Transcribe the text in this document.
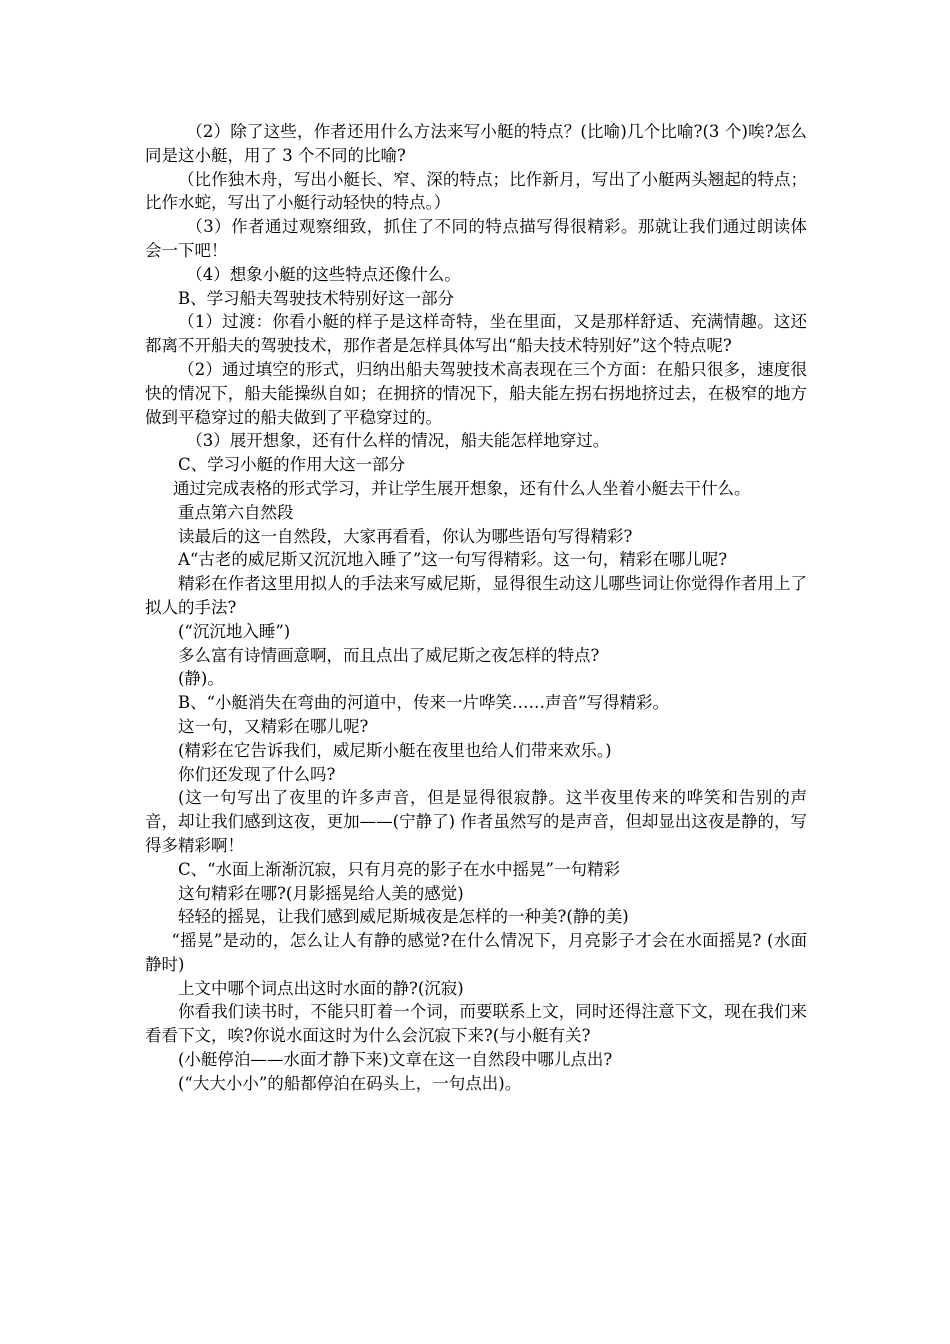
（2）除了这些，作者还用什么方法来写小艇的特点？(比喻)几个比喻?(3 个)唉?怎么同是这小艇，用了 3 个不同的比喻?

（比作独木舟，写出小艇长、窄、深的特点；比作新月，写出了小艇两头翘起的特点；比作水蛇，写出了小艇行动轻快的特点。）

（3）作者通过观察细致，抓住了不同的特点描写得很精彩。那就让我们通过朗读体会一下吧！

（4）想象小艇的这些特点还像什么。

B、学习船夫驾驶技术特别好这一部分

（1）过渡：你看小艇的样子是这样奇特，坐在里面，又是那样舒适、充满情趣。这还都离不开船夫的驾驶技术，那作者是怎样具体写出“船夫技术特别好”这个特点呢?

（2）通过填空的形式，归纳出船夫驾驶技术高表现在三个方面：在船只很多，速度很快的情况下，船夫能操纵自如；在拥挤的情况下，船夫能左拐右拐地挤过去，在极窄的地方做到平稳穿过的船夫做到了平稳穿过的。

（3）展开想象，还有什么样的情况，船夫能怎样地穿过。

C、学习小艇的作用大这一部分

通过完成表格的形式学习，并让学生展开想象，还有什么人坐着小艇去干什么。

重点第六自然段

读最后的这一自然段，大家再看看，你认为哪些语句写得精彩?

A“古老的威尼斯又沉沉地入睡了”这一句写得精彩。这一句，精彩在哪儿呢?

精彩在作者这里用拟人的手法来写威尼斯，显得很生动这儿哪些词让你觉得作者用上了拟人的手法?

(“沉沉地入睡”)

多么富有诗情画意啊，而且点出了威尼斯之夜怎样的特点?

(静)。

B、“小艇消失在弯曲的河道中，传来一片哗笑……声音”写得精彩。

这一句，又精彩在哪儿呢?

(精彩在它告诉我们，威尼斯小艇在夜里也给人们带来欢乐。)

你们还发现了什么吗?

(这一句写出了夜里的许多声音，但是显得很寂静。这半夜里传来的哗笑和告别的声音，却让我们感到这夜，更加——(宁静了) 作者虽然写的是声音，但却显出这夜是静的，写得多精彩啊！

C、“水面上渐渐沉寂，只有月亮的影子在水中摇晃”一句精彩

这句精彩在哪?(月影摇晃给人美的感觉)

轻轻的摇晃，让我们感到威尼斯城夜是怎样的一种美?(静的美)

“摇晃”是动的，怎么让人有静的感觉?在什么情况下，月亮影子才会在水面摇晃? (水面静时)

上文中哪个词点出这时水面的静?(沉寂)

你看我们读书时，不能只盯着一个词，而要联系上文，同时还得注意下文，现在我们来看看下文，唉?你说水面这时为什么会沉寂下来?(与小艇有关?

(小艇停泊——水面才静下来)文章在这一自然段中哪儿点出?

(“大大小小”的船都停泊在码头上，一句点出)。
